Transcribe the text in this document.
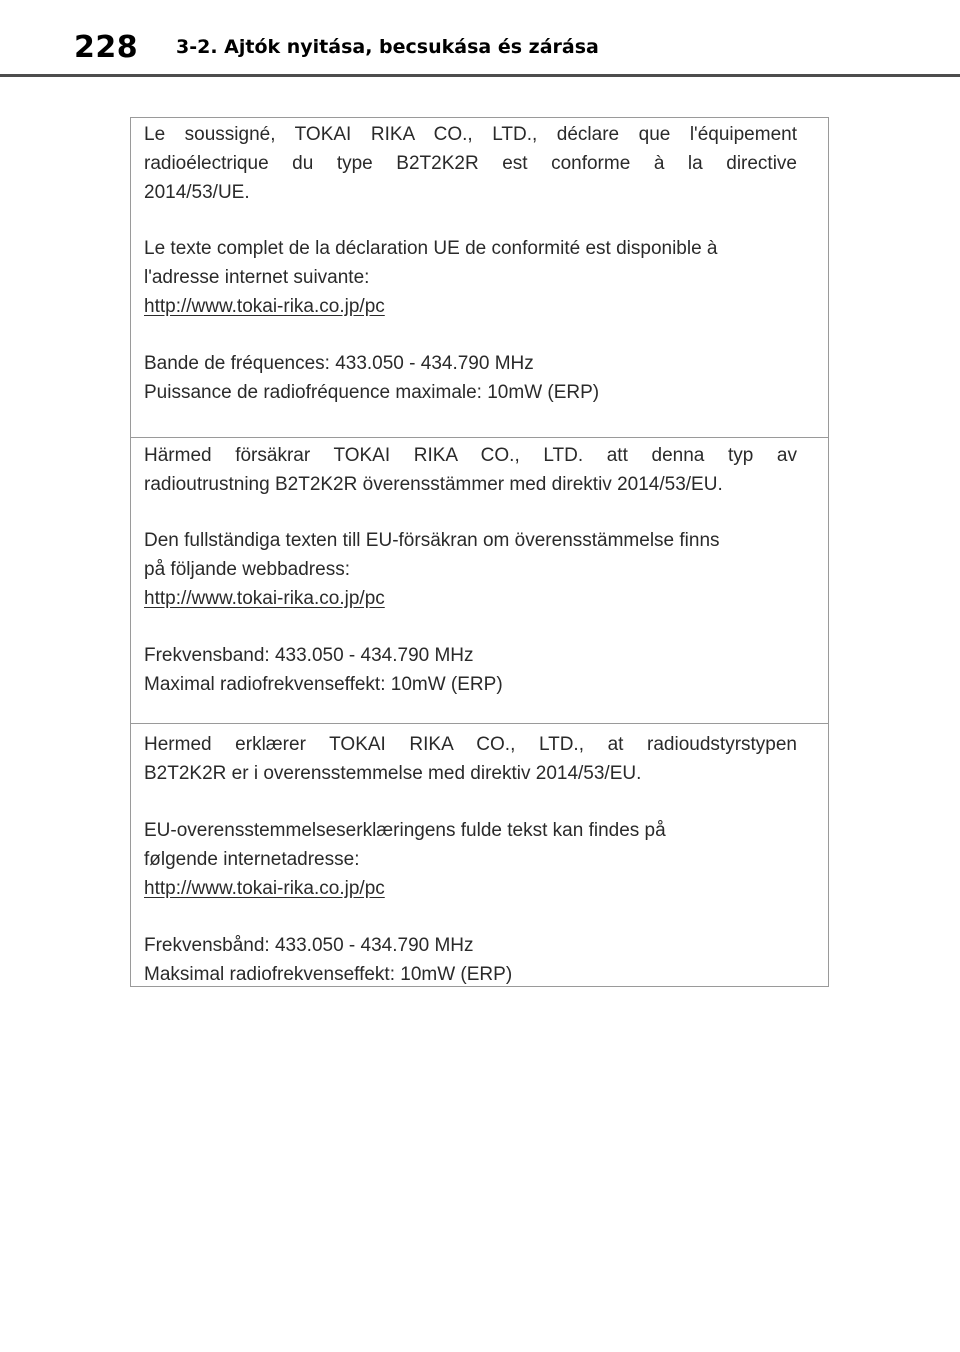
228 3-2. Ajtók nyitása, becsukása és zárása

Le soussigné, TOKAI RIKA CO., LTD., déclare que l'équipement

radioélectrique du type B2T2K2R est conforme à la directive

2014/53/UE.

Le texte complet de la déclaration UE de conformité est disponible à

l'adresse internet suivante:

http://www.tokai-rika.co.jp/pc

Bande de fréquences: 433.050 - 434.790 MHz

Puissance de radiofréquence maximale: 10mW (ERP)

Härmed försäkrar TOKAI RIKA CO., LTD. att denna typ av

radioutrustning B2T2K2R överensstämmer med direktiv 2014/53/EU.

Den fullständiga texten till EU-försäkran om överensstämmelse finns

på följande webbadress:

http://www.tokai-rika.co.jp/pc

Frekvensband: 433.050 - 434.790 MHz

Maximal radiofrekvenseffekt: 10mW (ERP)

Hermed erklærer TOKAI RIKA CO., LTD., at radioudstyrstypen

B2T2K2R er i overensstemmelse med direktiv 2014/53/EU.

EU-overensstemmelseserklæringens fulde tekst kan findes på

følgende internetadresse:

http://www.tokai-rika.co.jp/pc

Frekvensbånd: 433.050 - 434.790 MHz

Maksimal radiofrekvenseffekt: 10mW (ERP)
